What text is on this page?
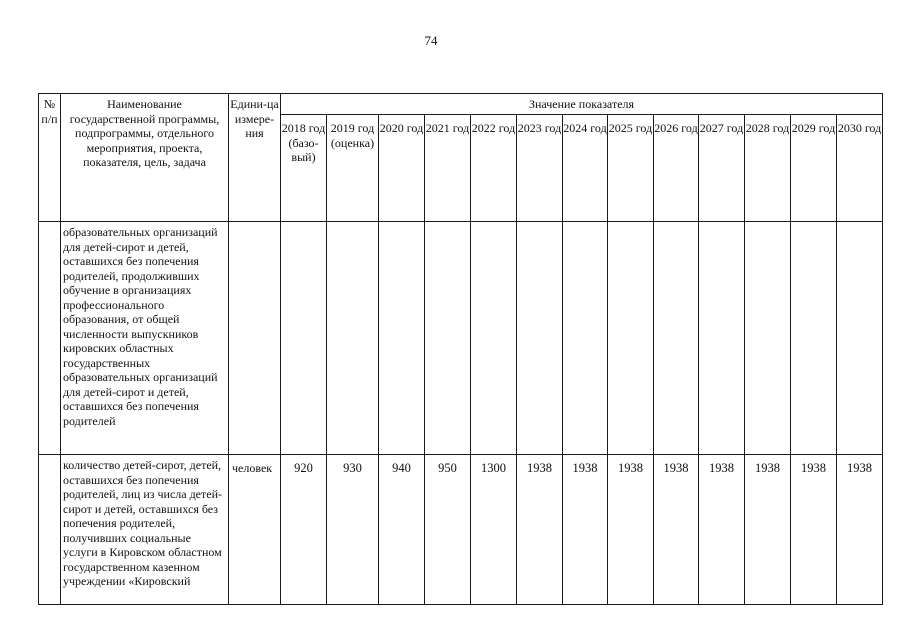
74
№ п/п	Наименование государственной программы, подпрограммы, отдельного мероприятия, проекта, показателя, цель, задача	Едини-ца измере-ния	Значение показателя												
			2018 год (базо-вый)	2019 год (оценка)	2020 год	2021 год	2022 год	2023 год	2024 год	2025 год	2026 год	2027 год	2028 год	2029 год	2030 год
	образовательных организаций для детей-сирот и детей, оставшихся без попечения родителей, продолживших обучение в организациях профессионального образования, от общей численности выпускников кировских областных государственных образовательных организаций для детей-сирот и детей, оставшихся без попечения родителей														
	количество детей-сирот, детей, оставшихся без попечения родителей, лиц из числа детей-сирот и детей, оставшихся без попечения родителей, получивших социальные услуги в Кировском областном государственном казенном учреждении «Кировский	человек	920	930	940	950	1300	1938	1938	1938	1938	1938	1938	1938	1938
